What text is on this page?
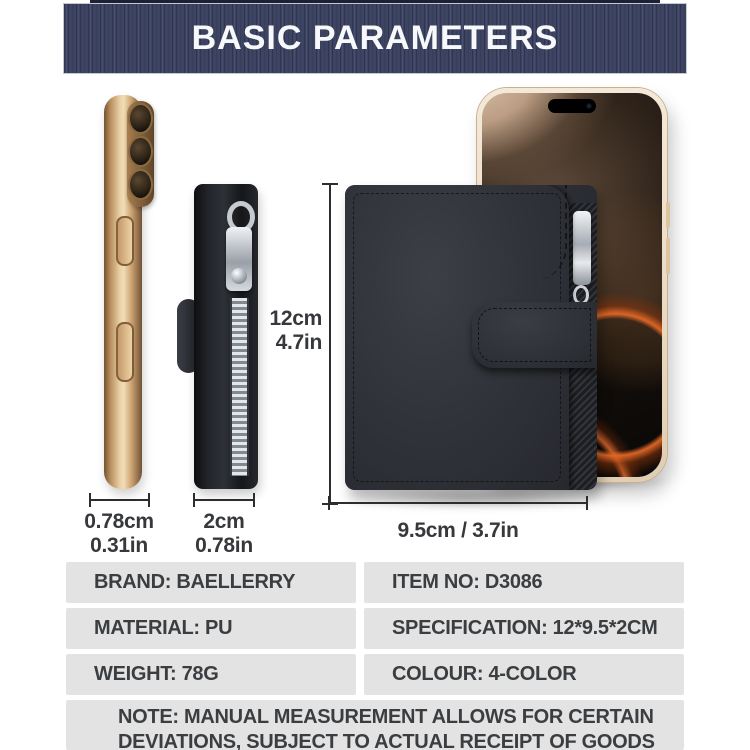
BASIC PARAMETERS
0.78cm
0.31in
2cm
0.78in
12cm
4.7in
9.5cm / 3.7in
BRAND: BAELLERRY	ITEM NO: D3086
MATERIAL: PU	SPECIFICATION: 12*9.5*2CM
WEIGHT: 78G	COLOUR: 4-COLOR
NOTE: MANUAL MEASUREMENT ALLOWS FOR CERTAIN
DEVIATIONS, SUBJECT TO ACTUAL RECEIPT OF GOODS
